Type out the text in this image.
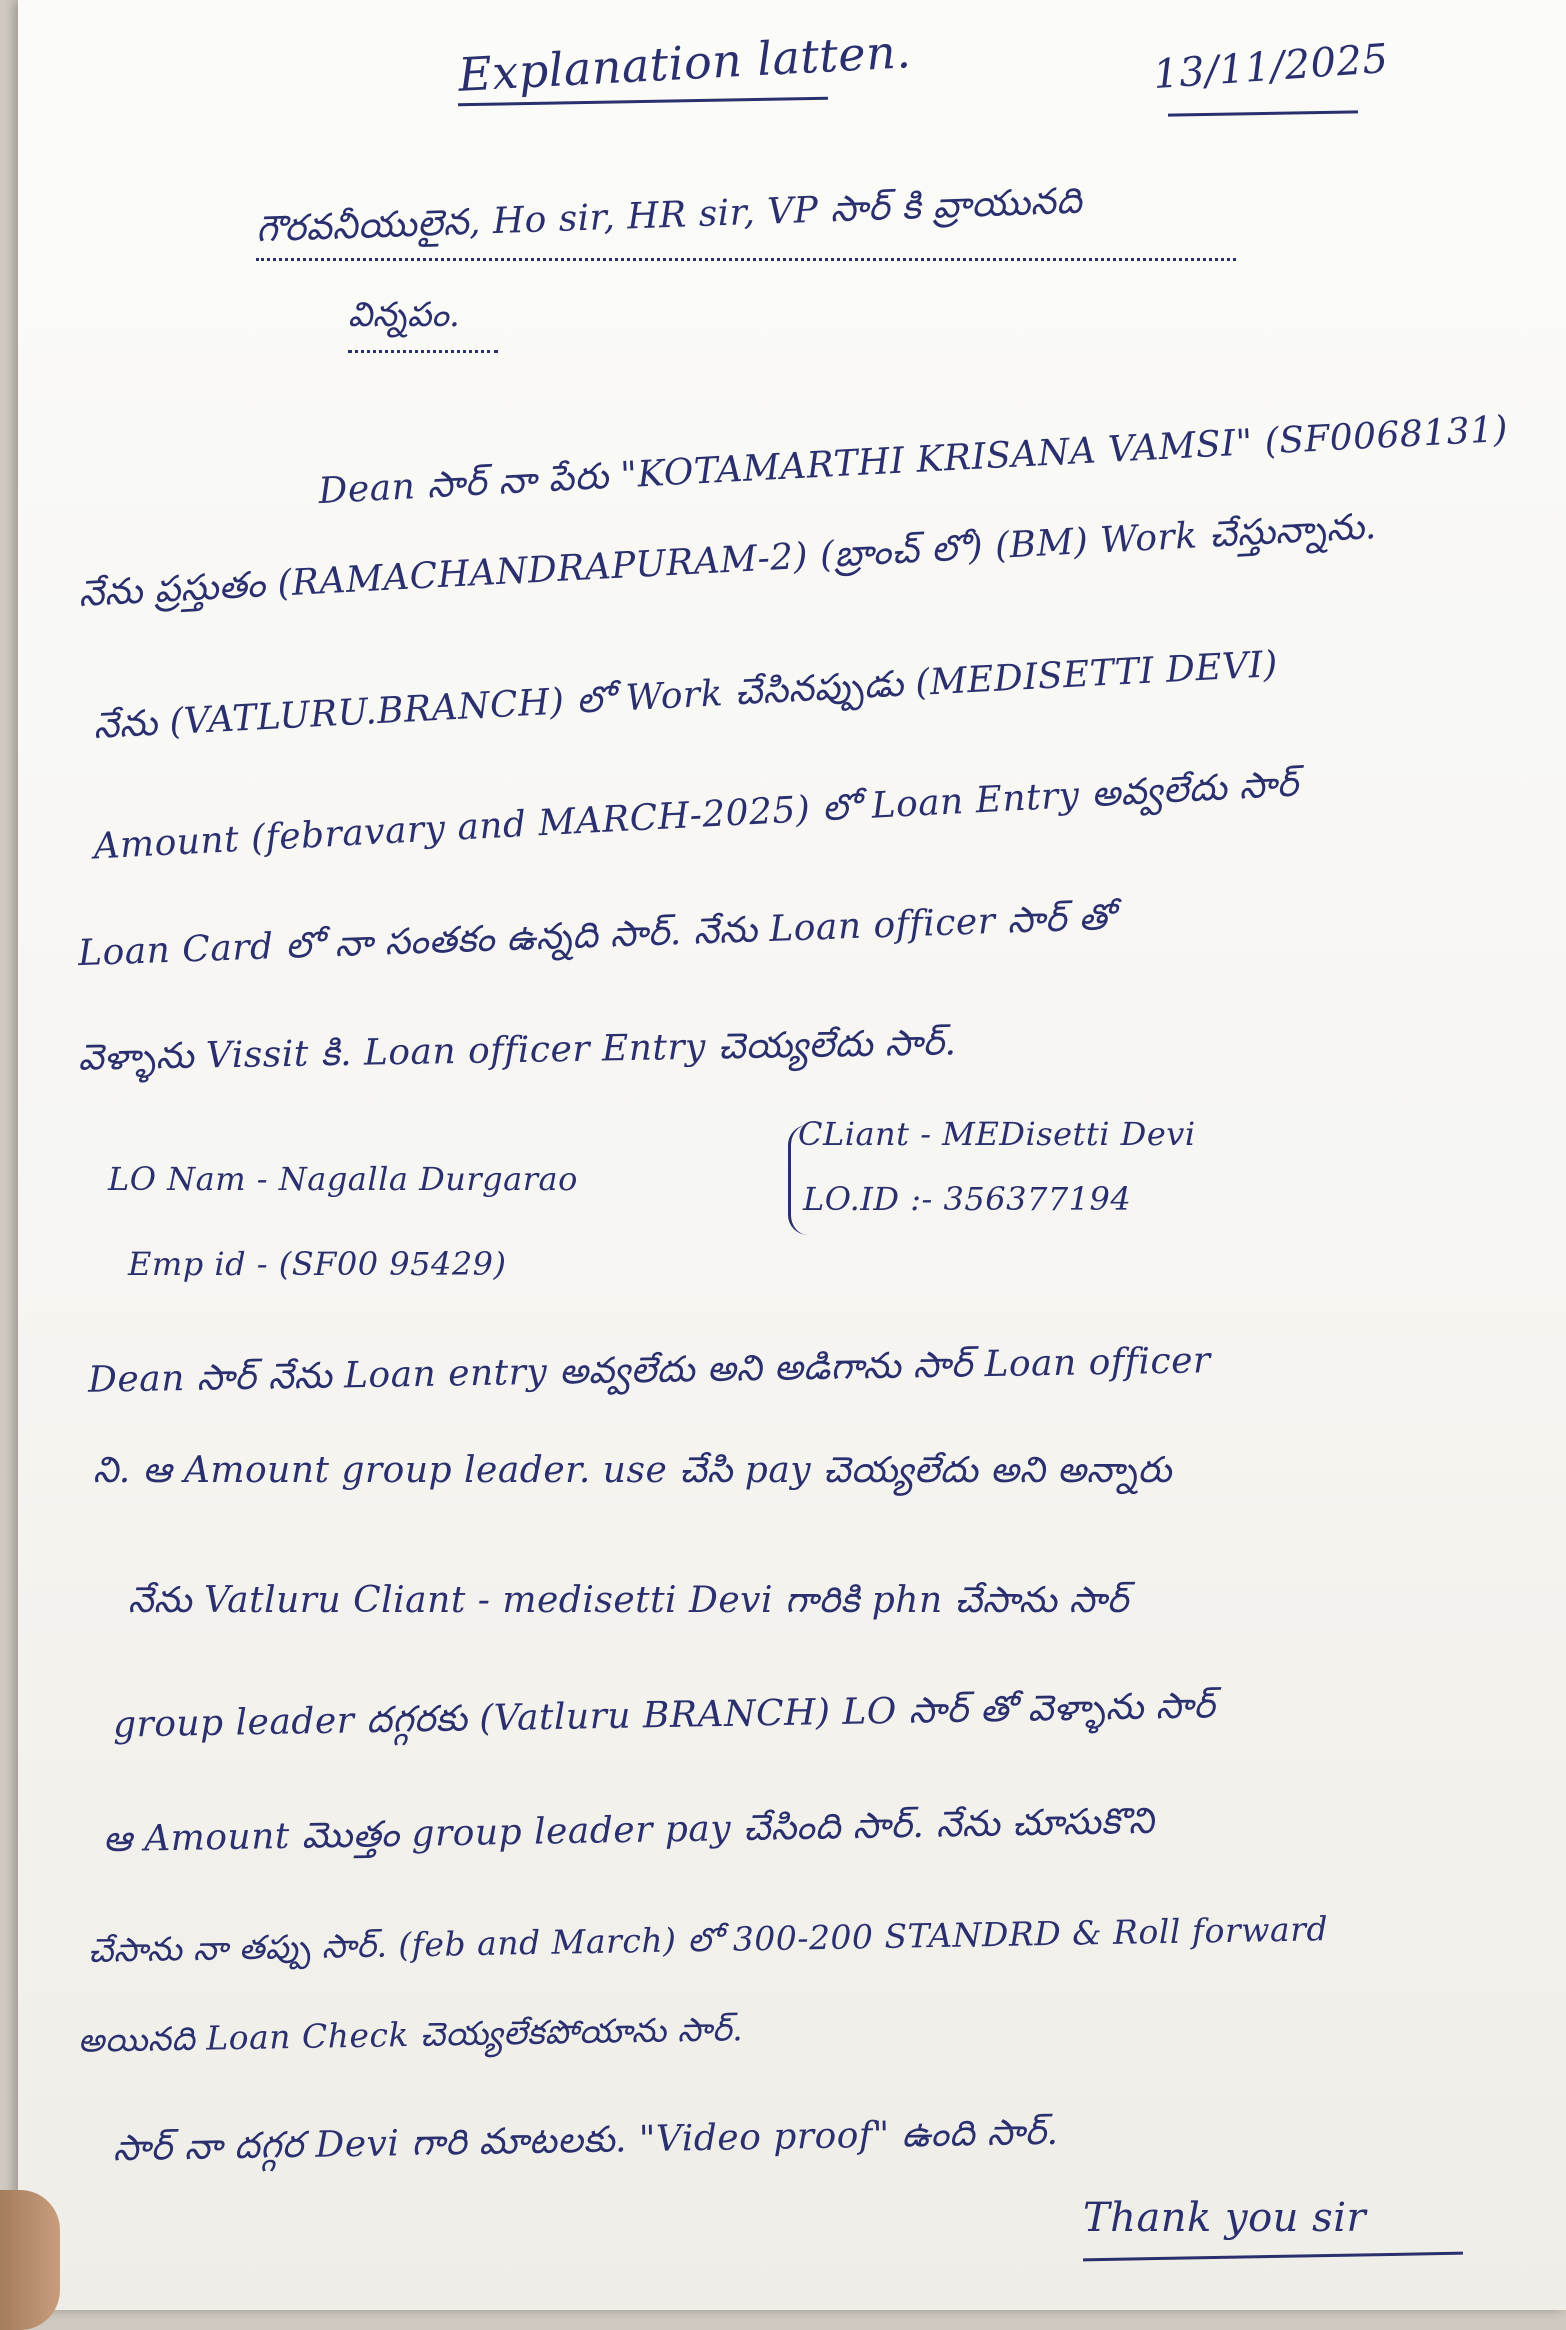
Explanation latten.	13/11/2025
గౌరవనీయులైన, Ho sir, HR sir, VP సార్ కి వ్రాయునది
విన్నపం.
Dean సార్ నా పేరు "KOTAMARTHI KRISANA VAMSI" (SF0068131)
నేను ప్రస్తుతం (RAMACHANDRAPURAM-2) (బ్రాంచ్ లో) (BM) Work చేస్తున్నాను.
నేను (VATLURU.BRANCH) లో Work చేసినప్పుడు (MEDISETTI DEVI)
Amount (febravary and MARCH-2025) లో Loan Entry అవ్వలేదు సార్
Loan Card లో నా సంతకం ఉన్నది సార్. నేను Loan officer సార్ తో
వెళ్ళాను Vissit కి. Loan officer Entry చెయ్యలేదు సార్.
LO Nam - Nagalla Durgarao
Emp id - (SF00 95429)
CLiant - MEDisetti Devi
LO.ID :- 356377194
Dean సార్ నేను Loan entry అవ్వలేదు అని అడిగాను సార్ Loan officer
ని. ఆ Amount group leader. use చేసి pay చెయ్యలేదు అని అన్నారు
నేను Vatluru Cliant - medisetti Devi గారికి phn చేసాను సార్
group leader దగ్గరకు (Vatluru BRANCH) LO సార్ తో వెళ్ళాను సార్
ఆ Amount మొత్తం group leader pay చేసింది సార్. నేను చూసుకొని
చేసాను నా తప్పు సార్. (feb and March) లో 300-200 STANDRD & Roll forward
అయినది Loan Check చెయ్యలేకపోయాను సార్.
సార్ నా దగ్గర Devi గారి మాటలకు. "Video proof" ఉంది సార్.
Thank you sir
